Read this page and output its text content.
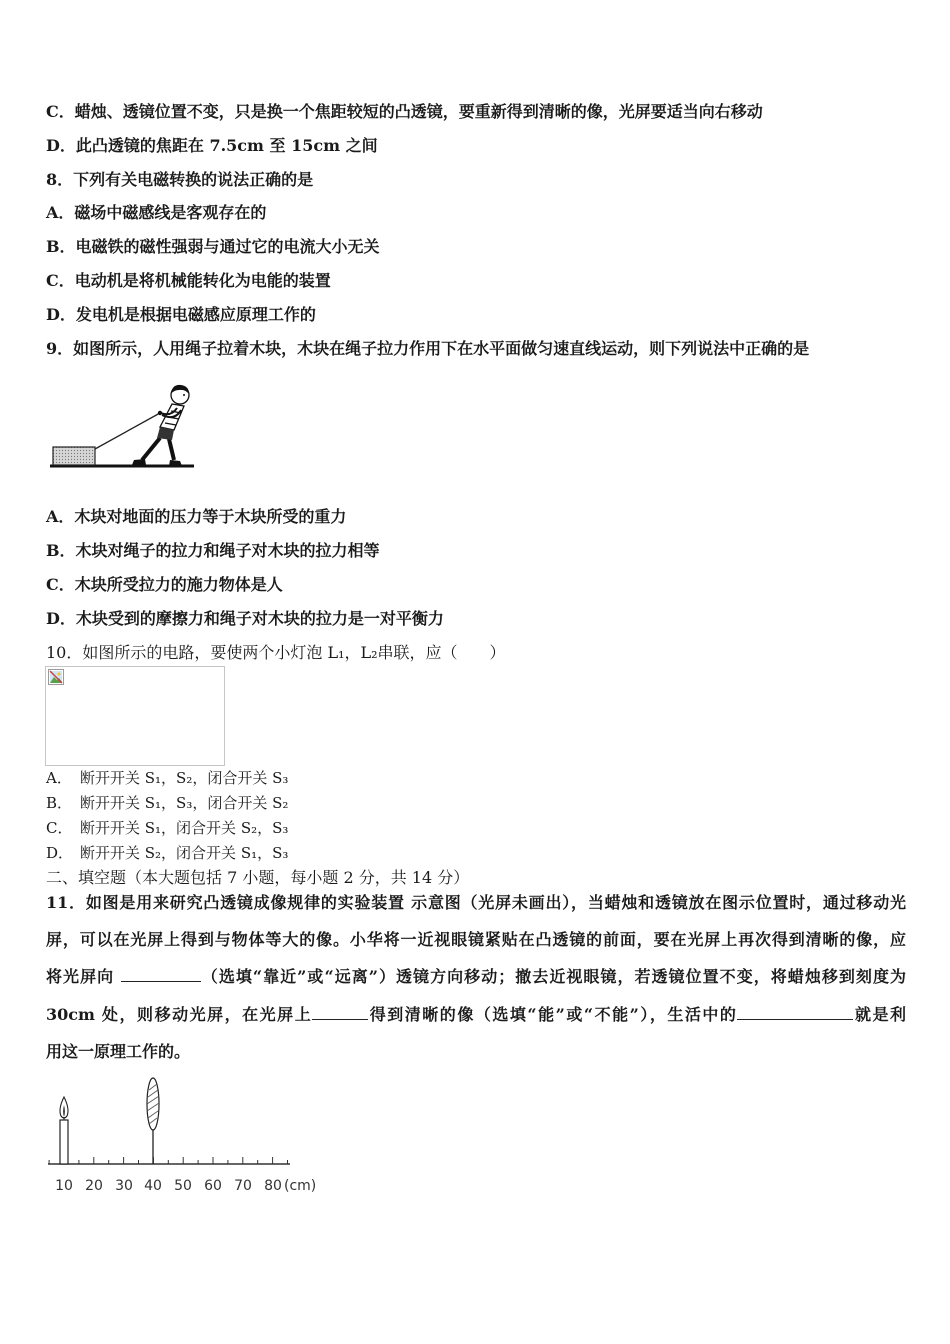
C．蜡烛、透镜位置不变，只是换一个焦距较短的凸透镜，要重新得到清晰的像，光屏要适当向右移动
D．此凸透镜的焦距在 7.5cm 至 15cm 之间
8．下列有关电磁转换的说法正确的是
A．磁场中磁感线是客观存在的
B．电磁铁的磁性强弱与通过它的电流大小无关
C．电动机是将机械能转化为电能的装置
D．发电机是根据电磁感应原理工作的
9．如图所示，人用绳子拉着木块，木块在绳子拉力作用下在水平面做匀速直线运动，则下列说法中正确的是
A．木块对地面的压力等于木块所受的重力
B．木块对绳子的拉力和绳子对木块的拉力相等
C．木块所受拉力的施力物体是人
D．木块受到的摩擦力和绳子对木块的拉力是一对平衡力
10．如图所示的电路，要使两个小灯泡 L₁，L₂串联，应（　　）
A． 断开开关 S₁，S₂，闭合开关 S₃
B． 断开开关 S₁，S₃，闭合开关 S₂
C． 断开开关 S₁，闭合开关 S₂，S₃
D． 断开开关 S₂，闭合开关 S₁，S₃
二、填空题（本大题包括 7 小题，每小题 2 分，共 14 分）
11．如图是用来研究凸透镜成像规律的实验装置 示意图（光屏未画出），当蜡烛和透镜放在图示位置时，通过移动光
屏，可以在光屏上得到与物体等大的像。小华将一近视眼镜紧贴在凸透镜的前面，要在光屏上再次得到清晰的像，应
将光屏向	（选填“靠近”或“远离”）透镜方向移动；撤去近视眼镜，若透镜位置不变，将蜡烛移到刻度为
30cm 处，则移动光屏，在光屏上	得到清晰的像（选填“能”或“不能”），生活中的	就是利
用这一原理工作的。
10 20 30 40 50 60 70 80 (cm)
